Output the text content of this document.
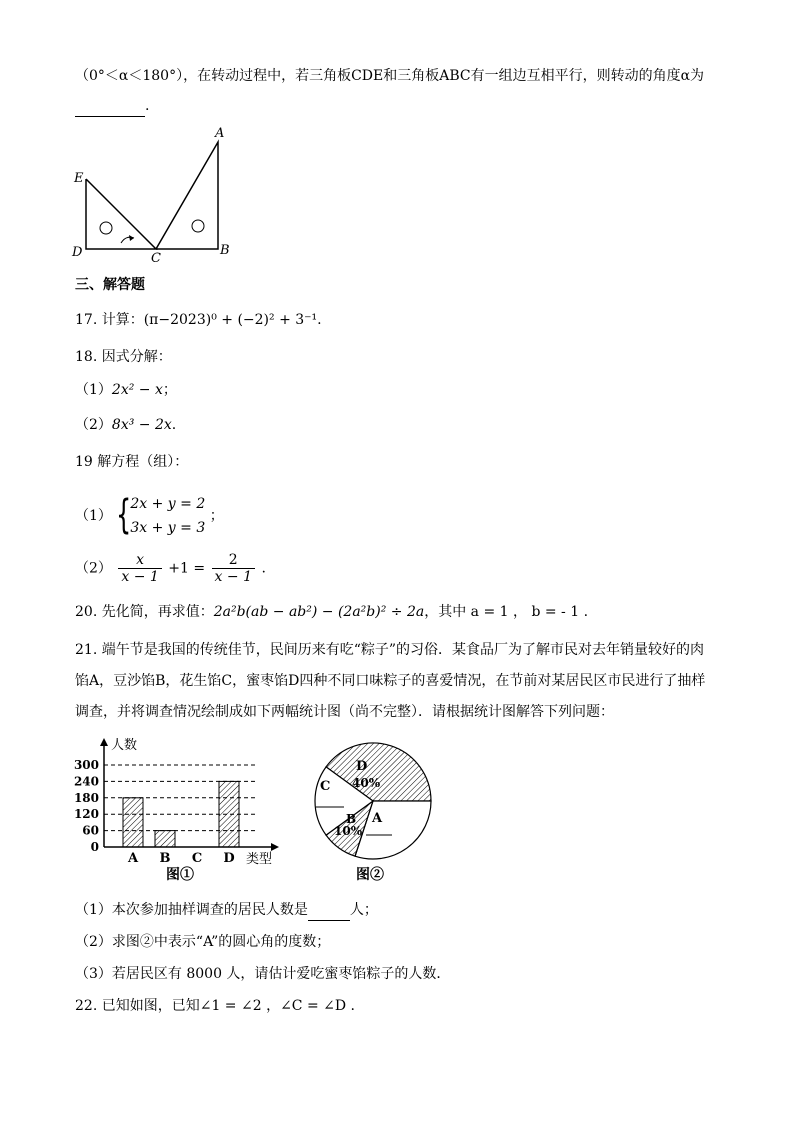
（0°＜α＜180°），在转动过程中，若三角板CDE和三角板ABC有一组边互相平行，则转动的角度α为
.
E
D	C
B
A
三、解答题
17. 计算：(π−2023)⁰ + (−2)² + 3⁻¹.
18. 因式分解：
（1）2x² − x；
（2）8x³ − 2x.
19 解方程（组）：
（1） {
2x + y = 2
3x + y = 3
；
$(2) \frac{x}{x - 1} +1 = \frac{2}{x - 1}$ .
20. 先化简，再求值：2a²b(ab − ab²) − (2a²b)² ÷ 2a，其中 a = 1 ， b = - 1 .
21. 端午节是我国的传统佳节，民间历来有吃“粽子”的习俗．某食品厂为了解市民对去年销量较好的肉
馅A，豆沙馅B，花生馅C，蜜枣馅D四种不同口味粽子的喜爱情况，在节前对某居民区市民进行了抽样
调查，并将调查情况绘制成如下两幅统计图（尚不完整）．请根据统计图解答下列问题：
0
60
120
180
240
300
A B C D
人数
类型
图①
D
40%
A
B
10%
C
图②
（1）本次参加抽样调查的居民人数是	人；
（2）求图②中表示“A”的圆心角的度数；
（3）若居民区有 8000 人，请估计爱吃蜜枣馅粽子的人数．
22. 已知如图，已知∠1 = ∠2 ，∠C = ∠D .
